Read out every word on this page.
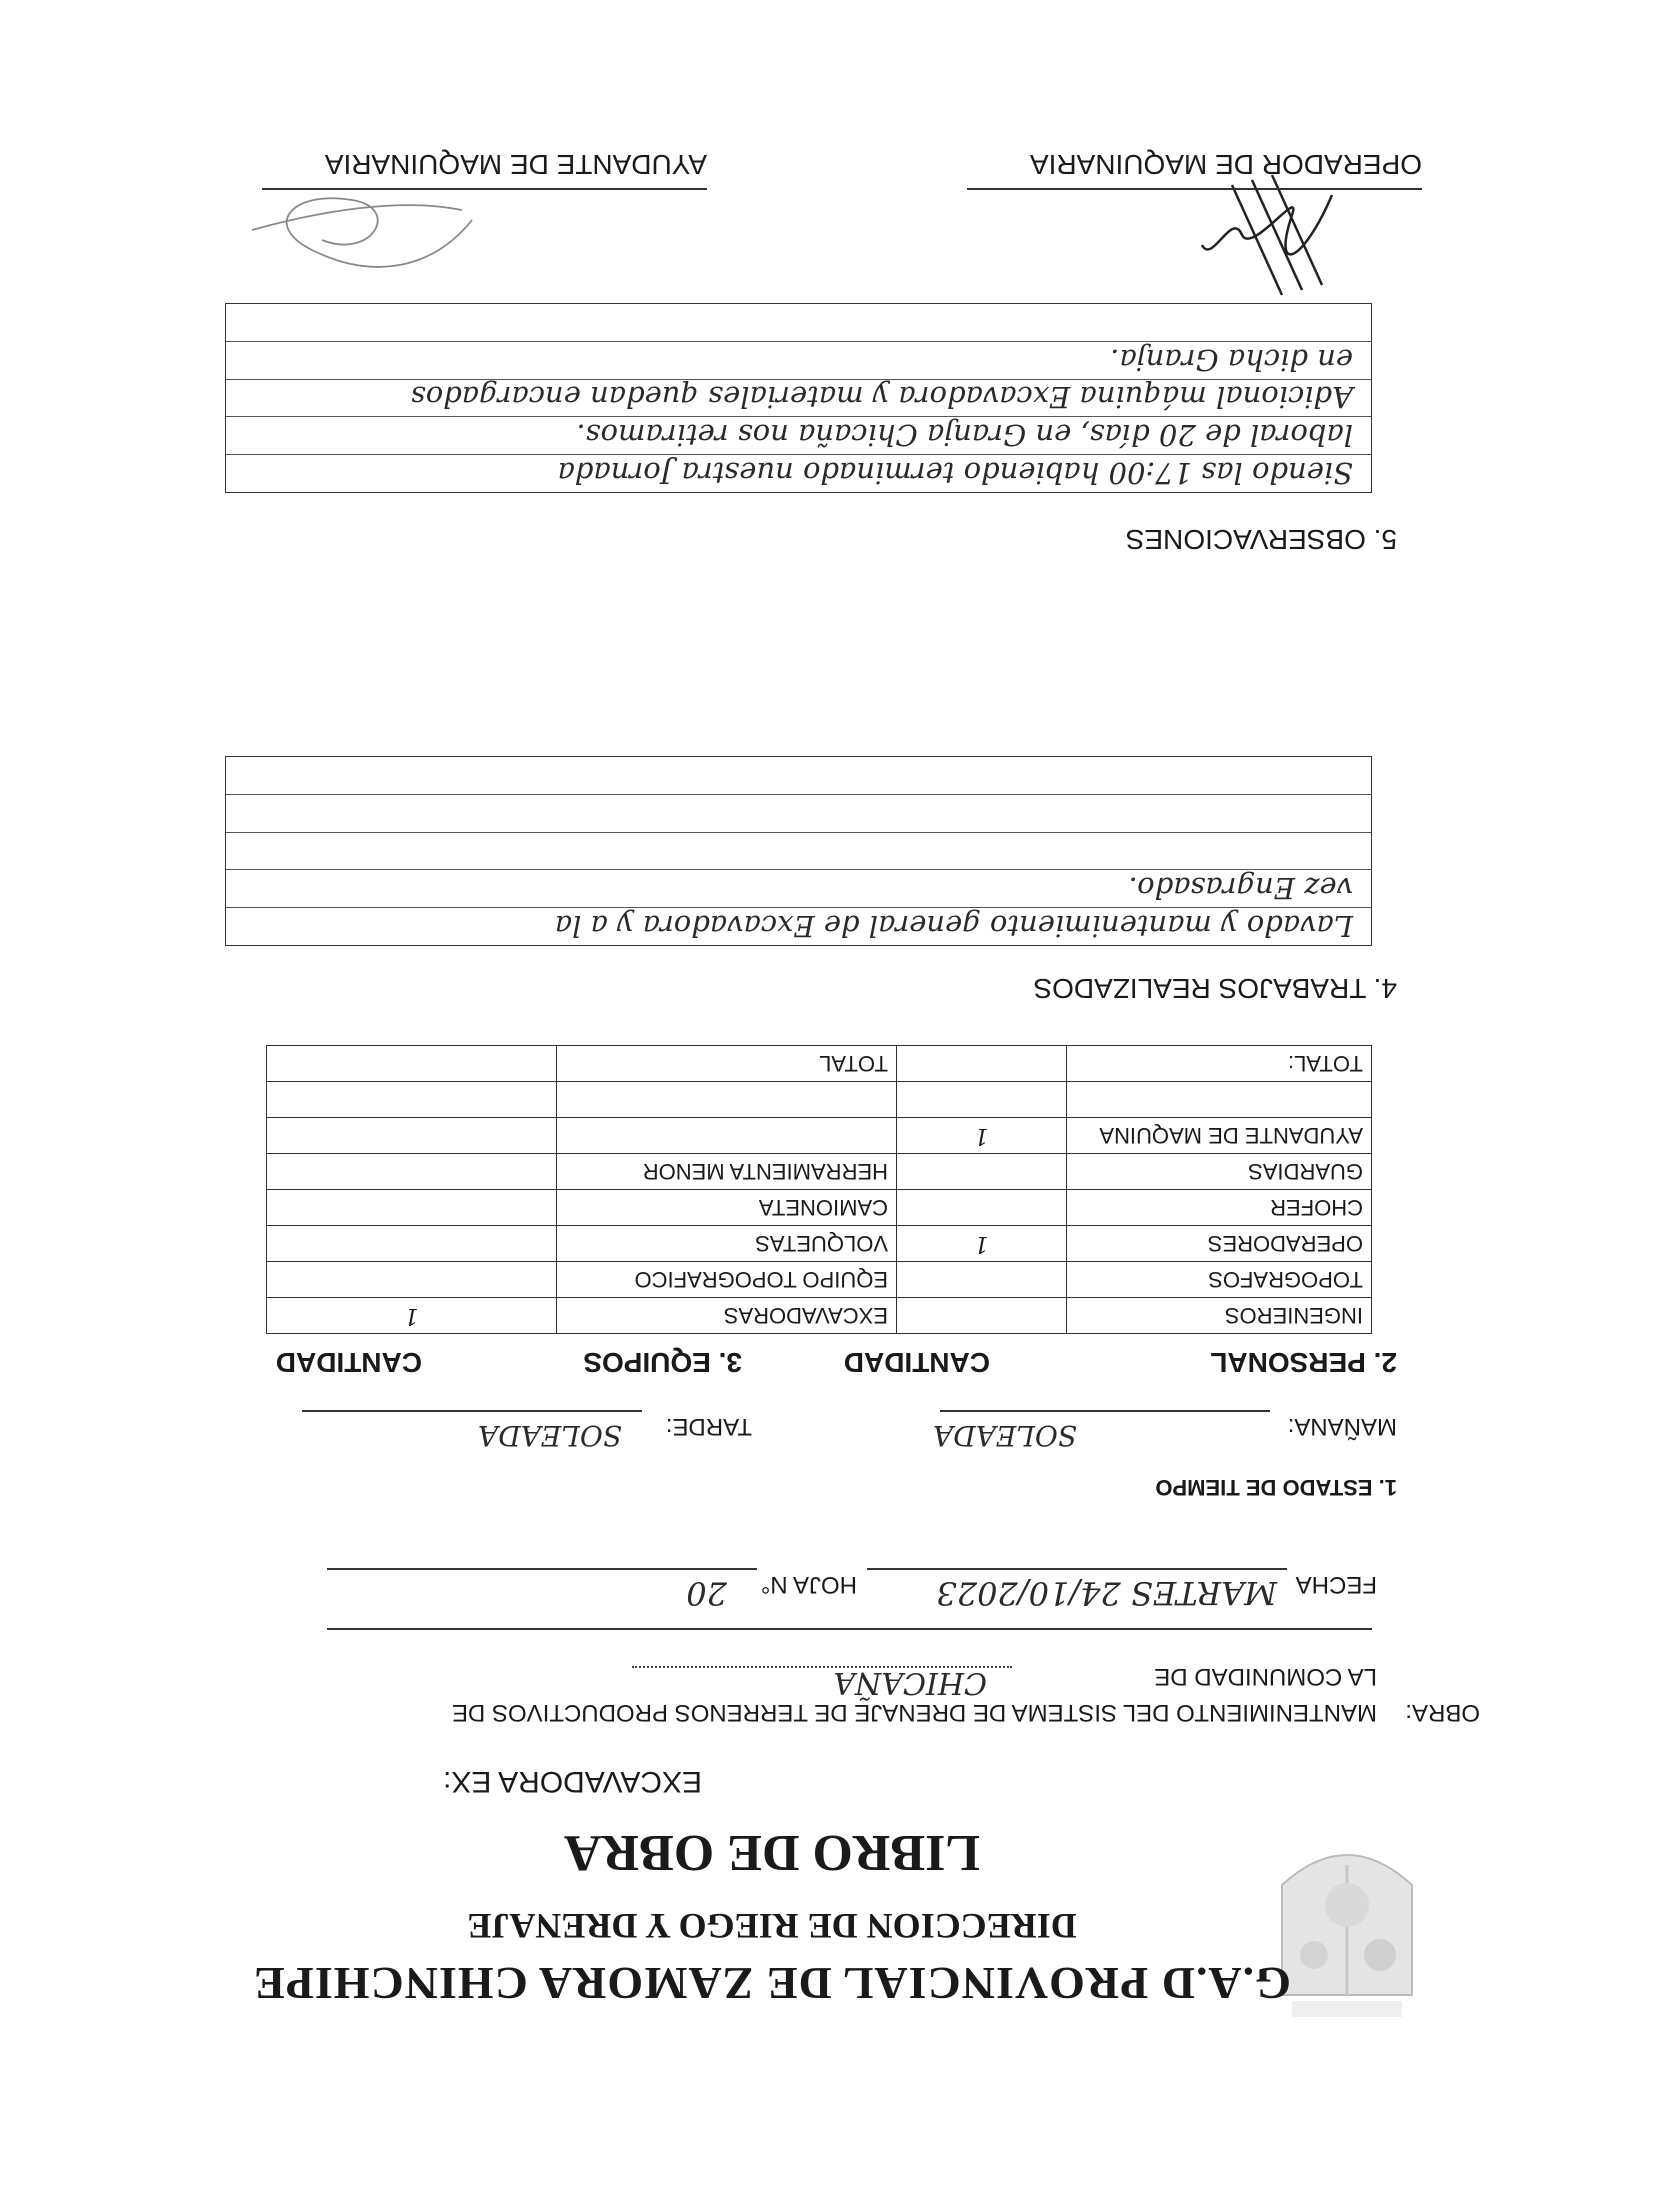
G.A.D PROVINCIAL DE ZAMORA CHINCHIPE
DIRECCION DE RIEGO Y DRENAJE
LIBRO DE OBRA
EXCAVADORA EX:
OBRA:
MANTENIMIENTO DEL SISTEMA DE DRENAJE DE TERRENOS PRODUCTIVOS DE
LA COMUNIDAD DE
CHICAÑA
FECHA
MARTES 24/10/2023
HOJA N°
20
1. ESTADO DE TIEMPO
MAÑANA:
SOLEADA
TARDE:
SOLEADA
2. PERSONAL
CANTIDAD
3. EQUIPOS
CANTIDAD
INGENIEROS		EXCAVADORAS	1
TOPOGRAFOS		EQUIPO TOPOGRAFICO	
OPERADORES	1	VOLQUETAS	
CHOFER		CAMIONETA	
GUARDIAS		HERRAMIENTA MENOR	
AYUDANTE DE MAQUINA	1		

TOTAL:		TOTAL	
4. TRABAJOS REALIZADOS
Lavado y mantenimiento general de Excavadora y a la
vez Engrasado.
5. OBSERVACIONES
Siendo las 17:00 habiendo terminado nuestra Jornada
laboral de 20 días, en Granja Chicaña nos retiramos.
Adicional máquina Excavadora y materiales quedan encargados
en dicha Granja.
OPERADOR DE MAQUINARIA
AYUDANTE DE MAQUINARIA
